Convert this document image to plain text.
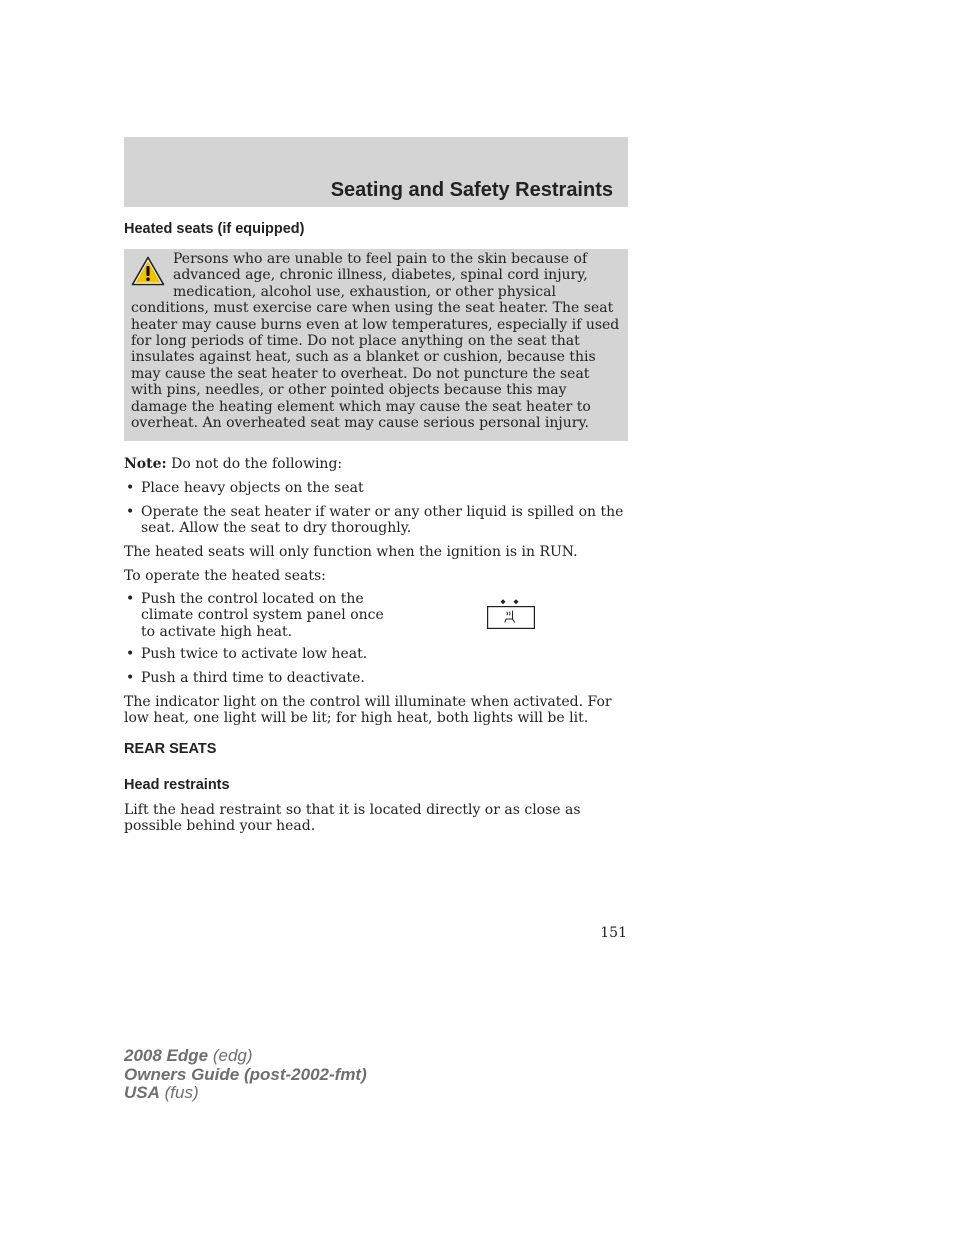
Seating and Safety Restraints
Heated seats (if equipped)

Persons who are unable to feel pain to the skin because of advanced age, chronic illness, diabetes, spinal cord injury, medication, alcohol use, exhaustion, or other physical conditions, must exercise care when using the seat heater. The seat heater may cause burns even at low temperatures, especially if used for long periods of time. Do not place anything on the seat that insulates against heat, such as a blanket or cushion, because this may cause the seat heater to overheat. Do not puncture the seat with pins, needles, or other pointed objects because this may damage the heating element which may cause the seat heater to overheat. An overheated seat may cause serious personal injury.

Note: Do not do the following:

• Place heavy objects on the seat

• Operate the seat heater if water or any other liquid is spilled on the seat. Allow the seat to dry thoroughly.

The heated seats will only function when the ignition is in RUN.

To operate the heated seats:

• Push the control located on the climate control system panel once to activate high heat.

• Push twice to activate low heat.

• Push a third time to deactivate.

The indicator light on the control will illuminate when activated. For low heat, one light will be lit; for high heat, both lights will be lit.

REAR SEATS
Head restraints

Lift the head restraint so that it is located directly or as close as possible behind your head.

151
2008 Edge (edg)
Owners Guide (post-2002-fmt)
USA (fus)
